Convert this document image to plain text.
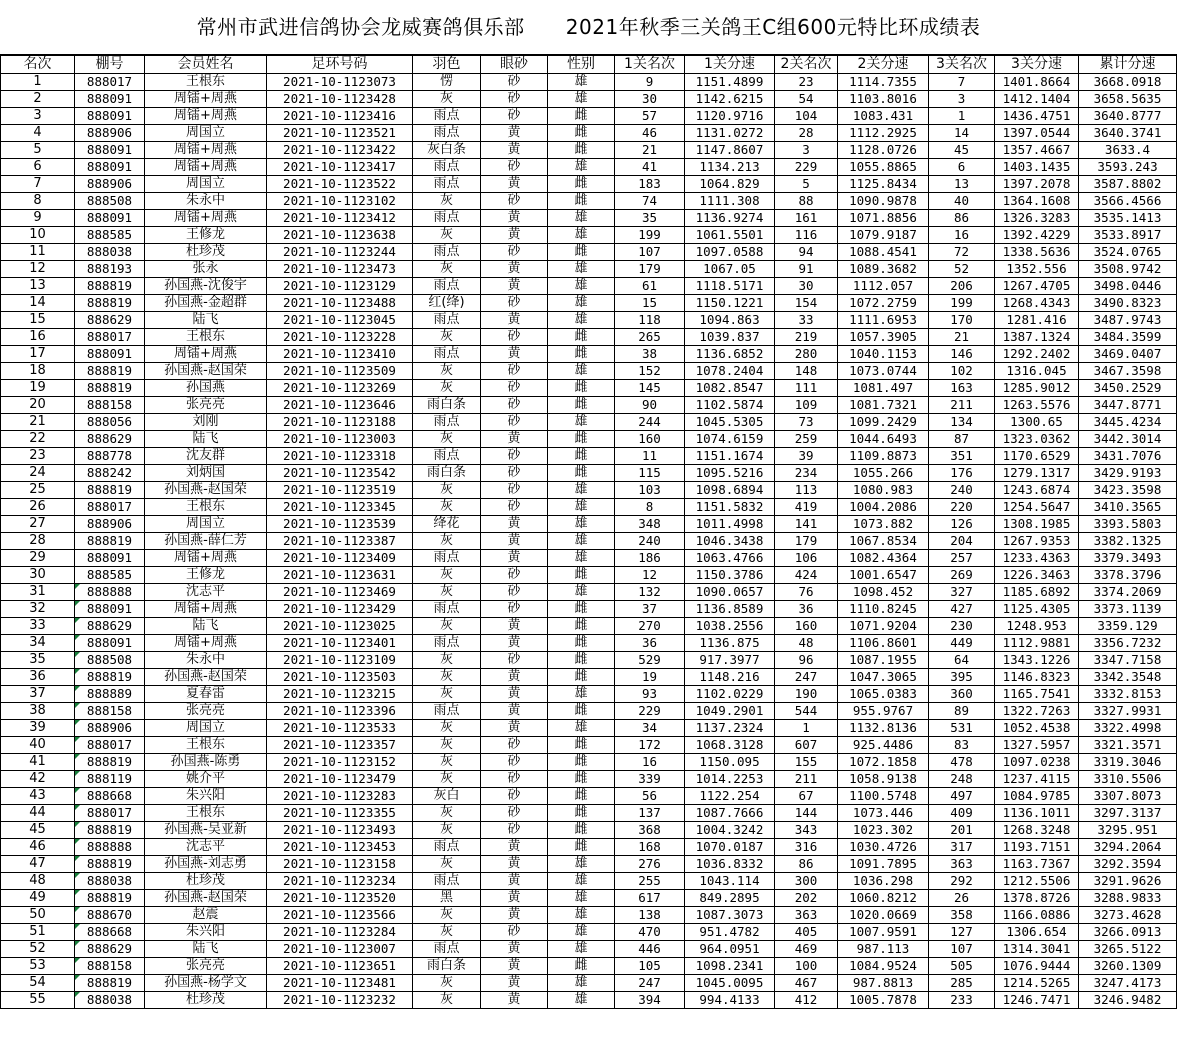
常州市武进信鸽协会龙威赛鸽俱乐部      2021年秋季三关鸽王C组600元特比环成绩表
名次	棚号	会员姓名	足环号码	羽色	眼砂	性别	1关名次	1关分速	2关名次	2关分速	3关名次	3关分速	累计分速
1	888017	王根东	2021-10-1123073	愣	砂	雄	9	1151.4899	23	1114.7355	7	1401.8664	3668.0918
2	888091	周镭+周燕	2021-10-1123428	灰	砂	雄	30	1142.6215	54	1103.8016	3	1412.1404	3658.5635
3	888091	周镭+周燕	2021-10-1123416	雨点	砂	雌	57	1120.9716	104	1083.431	1	1436.4751	3640.8777
4	888906	周国立	2021-10-1123521	雨点	黄	雌	46	1131.0272	28	1112.2925	14	1397.0544	3640.3741
5	888091	周镭+周燕	2021-10-1123422	灰白条	黄	雌	21	1147.8607	3	1128.0726	45	1357.4667	3633.4
6	888091	周镭+周燕	2021-10-1123417	雨点	砂	雄	41	1134.213	229	1055.8865	6	1403.1435	3593.243
7	888906	周国立	2021-10-1123522	雨点	黄	雌	183	1064.829	5	1125.8434	13	1397.2078	3587.8802
8	888508	朱永中	2021-10-1123102	灰	砂	雌	74	1111.308	88	1090.9878	40	1364.1608	3566.4566
9	888091	周镭+周燕	2021-10-1123412	雨点	黄	雄	35	1136.9274	161	1071.8856	86	1326.3283	3535.1413
10	888585	王修龙	2021-10-1123638	灰	黄	雄	199	1061.5501	116	1079.9187	16	1392.4229	3533.8917
11	888038	杜珍茂	2021-10-1123244	雨点	砂	雌	107	1097.0588	94	1088.4541	72	1338.5636	3524.0765
12	888193	张永	2021-10-1123473	灰	黄	雄	179	1067.05	91	1089.3682	52	1352.556	3508.9742
13	888819	孙国燕-沈俊宇	2021-10-1123129	雨点	黄	雄	61	1118.5171	30	1112.057	206	1267.4705	3498.0446
14	888819	孙国燕-金超群	2021-10-1123488	红(绛)	砂	雄	15	1150.1221	154	1072.2759	199	1268.4343	3490.8323
15	888629	陆飞	2021-10-1123045	雨点	黄	雄	118	1094.863	33	1111.6953	170	1281.416	3487.9743
16	888017	王根东	2021-10-1123228	灰	砂	雌	265	1039.837	219	1057.3905	21	1387.1324	3484.3599
17	888091	周镭+周燕	2021-10-1123410	雨点	黄	雌	38	1136.6852	280	1040.1153	146	1292.2402	3469.0407
18	888819	孙国燕-赵国荣	2021-10-1123509	灰	砂	雄	152	1078.2404	148	1073.0744	102	1316.045	3467.3598
19	888819	孙国燕	2021-10-1123269	灰	砂	雌	145	1082.8547	111	1081.497	163	1285.9012	3450.2529
20	888158	张亮亮	2021-10-1123646	雨白条	砂	雌	90	1102.5874	109	1081.7321	211	1263.5576	3447.8771
21	888056	刘刚	2021-10-1123188	雨点	砂	雄	244	1045.5305	73	1099.2429	134	1300.65	3445.4234
22	888629	陆飞	2021-10-1123003	灰	黄	雌	160	1074.6159	259	1044.6493	87	1323.0362	3442.3014
23	888778	沈友群	2021-10-1123318	雨点	砂	雌	11	1151.1674	39	1109.8873	351	1170.6529	3431.7076
24	888242	刘炳国	2021-10-1123542	雨白条	砂	雌	115	1095.5216	234	1055.266	176	1279.1317	3429.9193
25	888819	孙国燕-赵国荣	2021-10-1123519	灰	砂	雄	103	1098.6894	113	1080.983	240	1243.6874	3423.3598
26	888017	王根东	2021-10-1123345	灰	砂	雄	8	1151.5832	419	1004.2086	220	1254.5647	3410.3565
27	888906	周国立	2021-10-1123539	绛花	黄	雄	348	1011.4998	141	1073.882	126	1308.1985	3393.5803
28	888819	孙国燕-薛仁芳	2021-10-1123387	灰	黄	雄	240	1046.3438	179	1067.8534	204	1267.9353	3382.1325
29	888091	周镭+周燕	2021-10-1123409	雨点	黄	雄	186	1063.4766	106	1082.4364	257	1233.4363	3379.3493
30	888585	王修龙	2021-10-1123631	灰	砂	雌	12	1150.3786	424	1001.6547	269	1226.3463	3378.3796
31	888888	沈志平	2021-10-1123469	灰	砂	雄	132	1090.0657	76	1098.452	327	1185.6892	3374.2069
32	888091	周镭+周燕	2021-10-1123429	雨点	砂	雌	37	1136.8589	36	1110.8245	427	1125.4305	3373.1139
33	888629	陆飞	2021-10-1123025	灰	黄	雌	270	1038.2556	160	1071.9204	230	1248.953	3359.129
34	888091	周镭+周燕	2021-10-1123401	雨点	黄	雌	36	1136.875	48	1106.8601	449	1112.9881	3356.7232
35	888508	朱永中	2021-10-1123109	灰	砂	雌	529	917.3977	96	1087.1955	64	1343.1226	3347.7158
36	888819	孙国燕-赵国荣	2021-10-1123503	灰	黄	雌	19	1148.216	247	1047.3065	395	1146.8323	3342.3548
37	888889	夏春雷	2021-10-1123215	灰	黄	雄	93	1102.0229	190	1065.0383	360	1165.7541	3332.8153
38	888158	张亮亮	2021-10-1123396	雨点	黄	雌	229	1049.2901	544	955.9767	89	1322.7263	3327.9931
39	888906	周国立	2021-10-1123533	灰	黄	雄	34	1137.2324	1	1132.8136	531	1052.4538	3322.4998
40	888017	王根东	2021-10-1123357	灰	砂	雌	172	1068.3128	607	925.4486	83	1327.5957	3321.3571
41	888819	孙国燕-陈勇	2021-10-1123152	灰	砂	雌	16	1150.095	155	1072.1858	478	1097.0238	3319.3046
42	888119	姚介平	2021-10-1123479	灰	砂	雌	339	1014.2253	211	1058.9138	248	1237.4115	3310.5506
43	888668	朱兴阳	2021-10-1123283	灰白	砂	雌	56	1122.254	67	1100.5748	497	1084.9785	3307.8073
44	888017	王根东	2021-10-1123355	灰	砂	雌	137	1087.7666	144	1073.446	409	1136.1011	3297.3137
45	888819	孙国燕-吴亚新	2021-10-1123493	灰	砂	雌	368	1004.3242	343	1023.302	201	1268.3248	3295.951
46	888888	沈志平	2021-10-1123453	雨点	黄	雌	168	1070.0187	316	1030.4726	317	1193.7151	3294.2064
47	888819	孙国燕-刘志勇	2021-10-1123158	灰	黄	雄	276	1036.8332	86	1091.7895	363	1163.7367	3292.3594
48	888038	杜珍茂	2021-10-1123234	雨点	黄	雄	255	1043.114	300	1036.298	292	1212.5506	3291.9626
49	888819	孙国燕-赵国荣	2021-10-1123520	黑	黄	雄	617	849.2895	202	1060.8212	26	1378.8726	3288.9833
50	888670	赵震	2021-10-1123566	灰	黄	雄	138	1087.3073	363	1020.0669	358	1166.0886	3273.4628
51	888668	朱兴阳	2021-10-1123284	灰	砂	雄	470	951.4782	405	1007.9591	127	1306.654	3266.0913
52	888629	陆飞	2021-10-1123007	雨点	黄	雄	446	964.0951	469	987.113	107	1314.3041	3265.5122
53	888158	张亮亮	2021-10-1123651	雨白条	黄	雌	105	1098.2341	100	1084.9524	505	1076.9444	3260.1309
54	888819	孙国燕-杨学文	2021-10-1123481	灰	黄	雄	247	1045.0095	467	987.8813	285	1214.5265	3247.4173
55	888038	杜珍茂	2021-10-1123232	灰	黄	雄	394	994.4133	412	1005.7878	233	1246.7471	3246.9482
